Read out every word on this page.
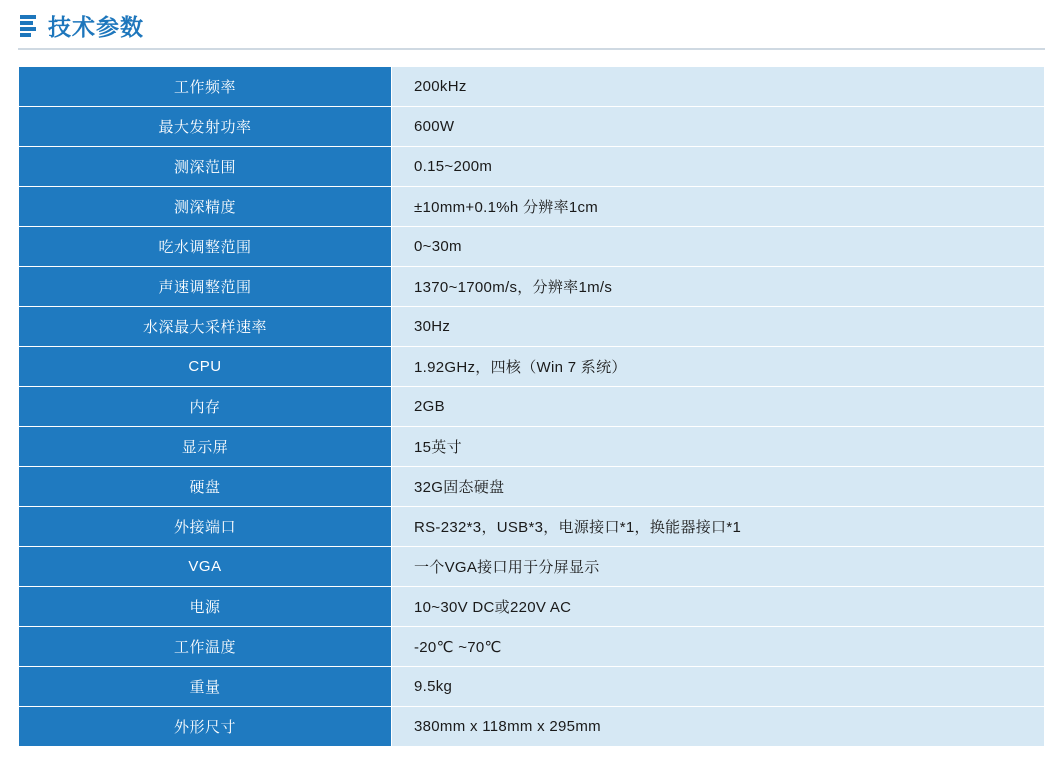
技术参数
工作频率	200kHz
最大发射功率	600W
测深范围	0.15~200m
测深精度	±10mm+0.1%h 分辨率1cm
吃水调整范围	0~30m
声速调整范围	1370~1700m/s，分辨率1m/s
水深最大采样速率	30Hz
CPU	1.92GHz，四核（Win 7 系统）
内存	2GB
显示屏	15英寸
硬盘	32G固态硬盘
外接端口	RS-232*3，USB*3，电源接口*1，换能器接口*1
VGA	一个VGA接口用于分屏显示
电源	10~30V DC或220V AC
工作温度	-20℃ ~70℃
重量	9.5kg
外形尺寸	380mm x 118mm x 295mm
